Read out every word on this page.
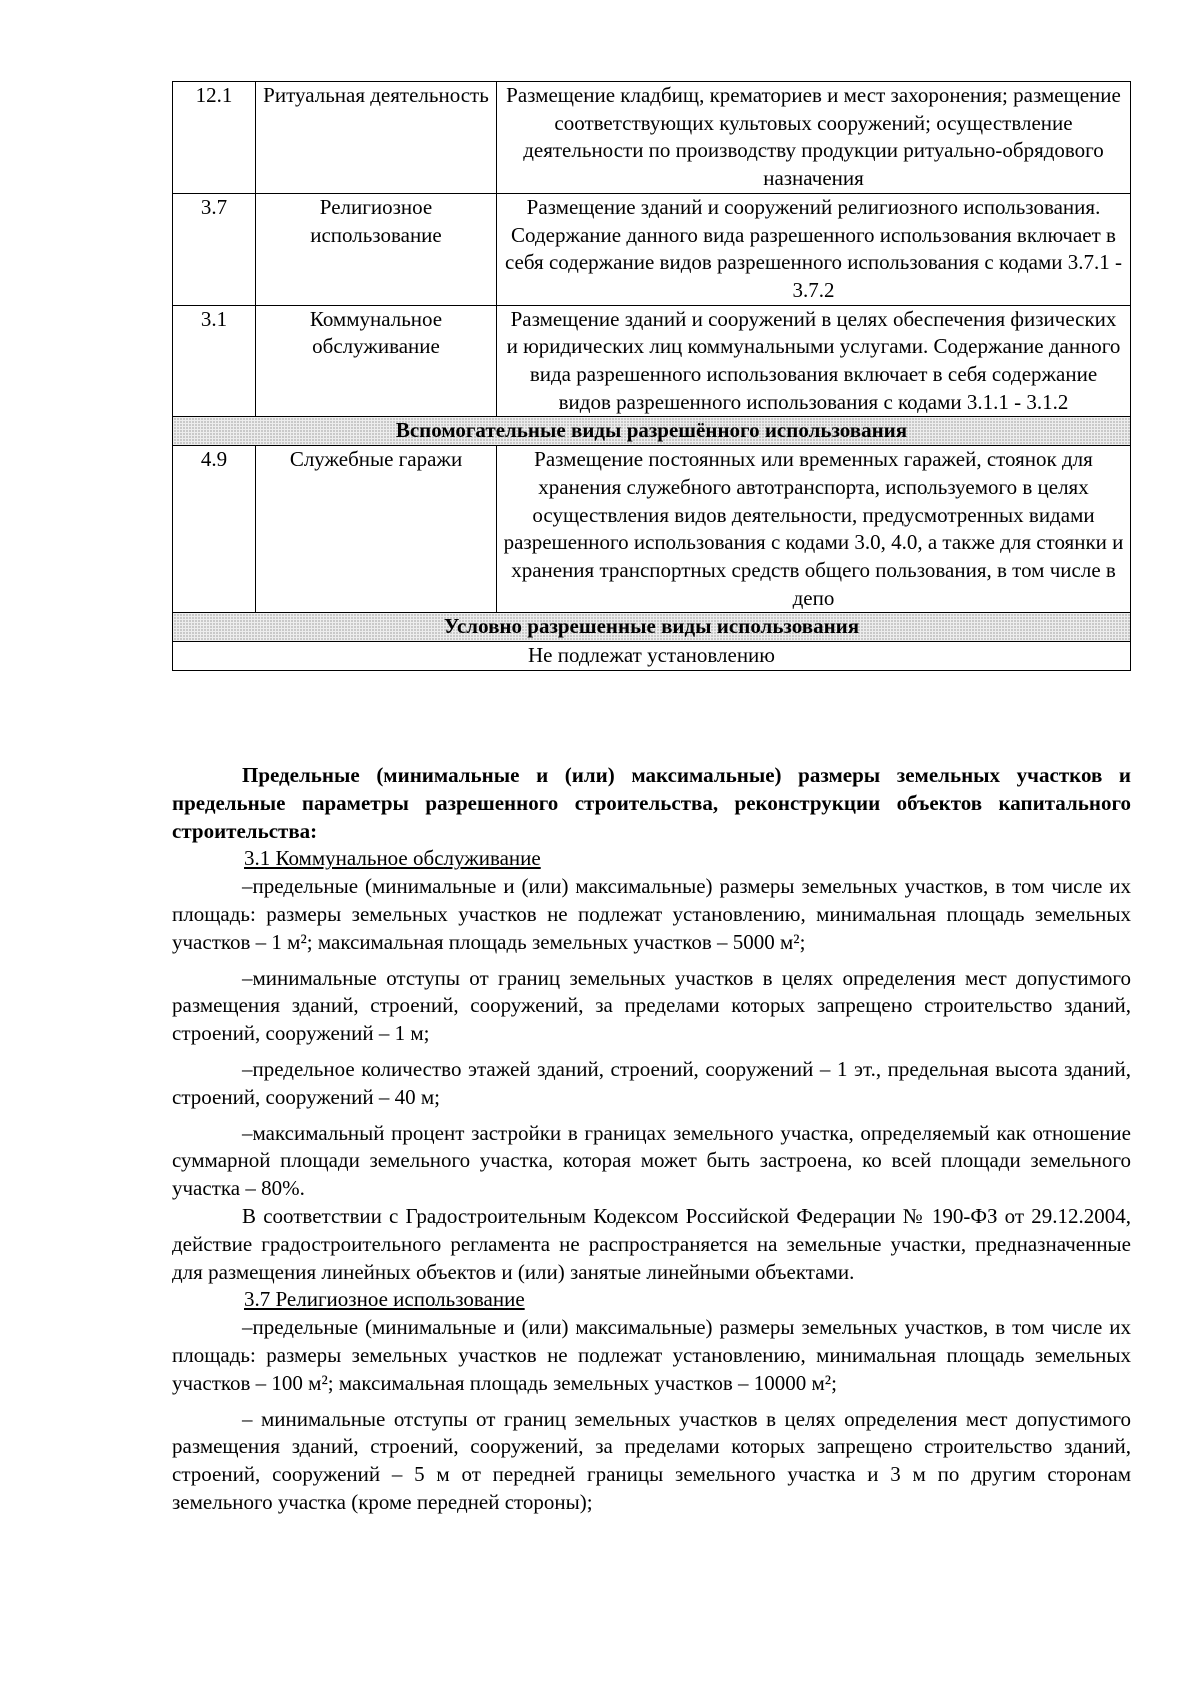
12.1	Ритуальная деятельность	Размещение кладбищ, крематориев и мест захоронения; размещение соответствующих культовых сооружений; осуществление деятельности по производству продукции ритуально-обрядового назначения
3.7	Религиозное использование	Размещение зданий и сооружений религиозного использования. Содержание данного вида разрешенного использования включает в себя содержание видов разрешенного использования с кодами 3.7.1 - 3.7.2
3.1	Коммунальное обслуживание	Размещение зданий и сооружений в целях обеспечения физических и юридических лиц коммунальными услугами. Содержание данного вида разрешенного использования включает в себя содержание видов разрешенного использования с кодами 3.1.1 - 3.1.2
Вспомогательные виды разрешённого использования		
4.9	Служебные гаражи	Размещение постоянных или временных гаражей, стоянок для хранения служебного автотранспорта, используемого в целях осуществления видов деятельности, предусмотренных видами разрешенного использования с кодами 3.0, 4.0, а также для стоянки и хранения транспортных средств общего пользования, в том числе в депо
Условно разрешенные виды использования		
Не подлежат установлению		

Предельные (минимальные и (или) максимальные) размеры земельных участков и предельные параметры разрешенного строительства, реконструкции объектов капитального строительства:

3.1 Коммунальное обслуживание

–предельные (минимальные и (или) максимальные) размеры земельных участков, в том числе их площадь: размеры земельных участков не подлежат установлению, минимальная площадь земельных участков – 1 м²; максимальная площадь земельных участков – 5000 м²;

–минимальные отступы от границ земельных участков в целях определения мест допустимого размещения зданий, строений, сооружений, за пределами которых запрещено строительство зданий, строений, сооружений – 1 м;

–предельное количество этажей зданий, строений, сооружений – 1 эт., предельная высота зданий, строений, сооружений – 40 м;

–максимальный процент застройки в границах земельного участка, определяемый как отношение суммарной площади земельного участка, которая может быть застроена, ко всей площади земельного участка – 80%.

В соответствии с Градостроительным Кодексом Российской Федерации № 190-ФЗ от 29.12.2004, действие градостроительного регламента не распространяется на земельные участки, предназначенные для размещения линейных объектов и (или) занятые линейными объектами.

3.7 Религиозное использование

–предельные (минимальные и (или) максимальные) размеры земельных участков, в том числе их площадь: размеры земельных участков не подлежат установлению, минимальная площадь земельных участков – 100 м²; максимальная площадь земельных участков – 10000 м²;

– минимальные отступы от границ земельных участков в целях определения мест допустимого размещения зданий, строений, сооружений, за пределами которых запрещено строительство зданий, строений, сооружений – 5 м от передней границы земельного участка и 3 м по другим сторонам земельного участка (кроме передней стороны);
